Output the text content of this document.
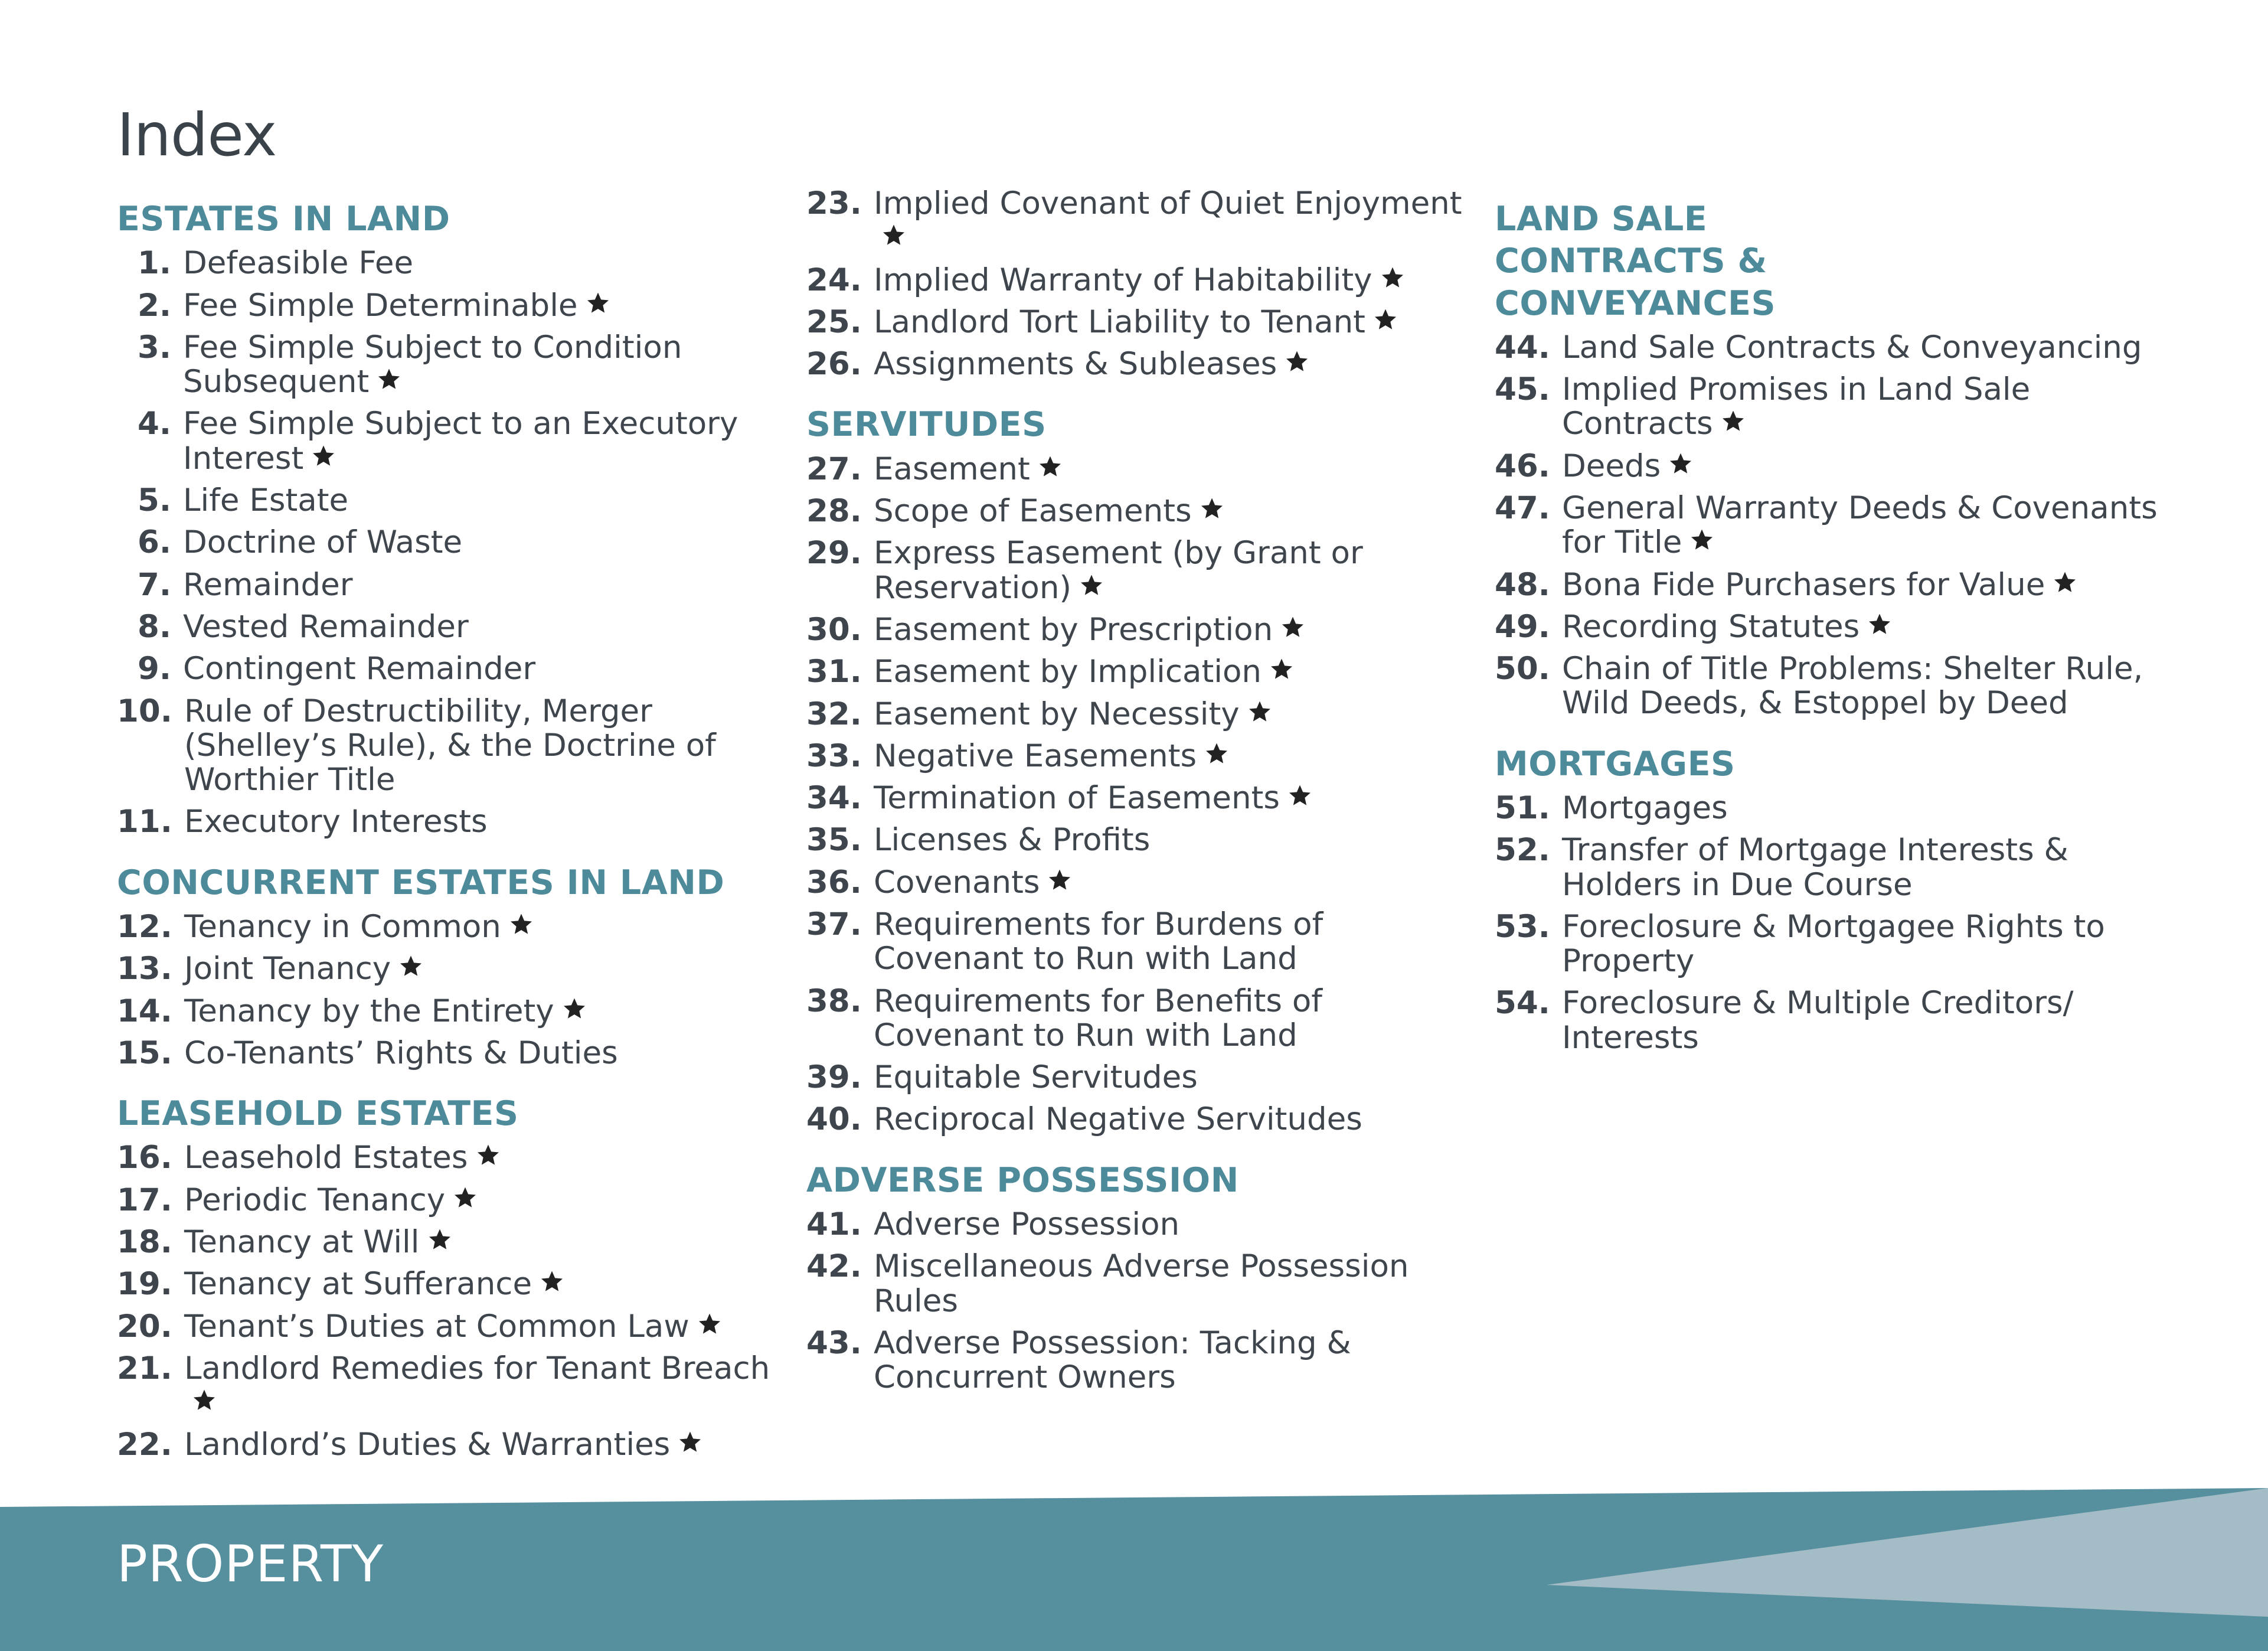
Index
ESTATES IN LAND
1. Defeasible Fee
2. Fee Simple Determinable
3. Fee Simple Subject to Condition Subsequent
4. Fee Simple Subject to an Executory Interest
5. Life Estate
6. Doctrine of Waste
7. Remainder
8. Vested Remainder
9. Contingent Remainder
10. Rule of Destructibility, Merger (Shelley’s Rule), & the Doctrine of Worthier Title
11. Executory Interests
CONCURRENT ESTATES IN LAND
12. Tenancy in Common
13. Joint Tenancy
14. Tenancy by the Entirety
15. Co-Tenants’ Rights & Duties
LEASEHOLD ESTATES
16. Leasehold Estates
17. Periodic Tenancy
18. Tenancy at Will
19. Tenancy at Sufferance
20. Tenant’s Duties at Common Law
21. Landlord Remedies for Tenant Breach
22. Landlord’s Duties & Warranties
23. Implied Covenant of Quiet Enjoyment
24. Implied Warranty of Habitability
25. Landlord Tort Liability to Tenant
26. Assignments & Subleases
SERVITUDES
27. Easement
28. Scope of Easements
29. Express Easement (by Grant or Reservation)
30. Easement by Prescription
31. Easement by Implication
32. Easement by Necessity
33. Negative Easements
34. Termination of Easements
35. Licenses & Profits
36. Covenants
37. Requirements for Burdens of Covenant to Run with Land
38. Requirements for Benefits of Covenant to Run with Land
39. Equitable Servitudes
40. Reciprocal Negative Servitudes
ADVERSE POSSESSION
41. Adverse Possession
42. Miscellaneous Adverse Possession Rules
43. Adverse Possession: Tacking & Concurrent Owners
LAND SALE CONTRACTS & CONVEYANCES
44. Land Sale Contracts & Conveyancing
45. Implied Promises in Land Sale Contracts
46. Deeds
47. General Warranty Deeds & Covenants for Title
48. Bona Fide Purchasers for Value
49. Recording Statutes
50. Chain of Title Problems: Shelter Rule, Wild Deeds, & Estoppel by Deed
MORTGAGES
51. Mortgages
52. Transfer of Mortgage Interests & Holders in Due Course
53. Foreclosure & Mortgagee Rights to Property
54. Foreclosure & Multiple Creditors/ Interests
PROPERTY
